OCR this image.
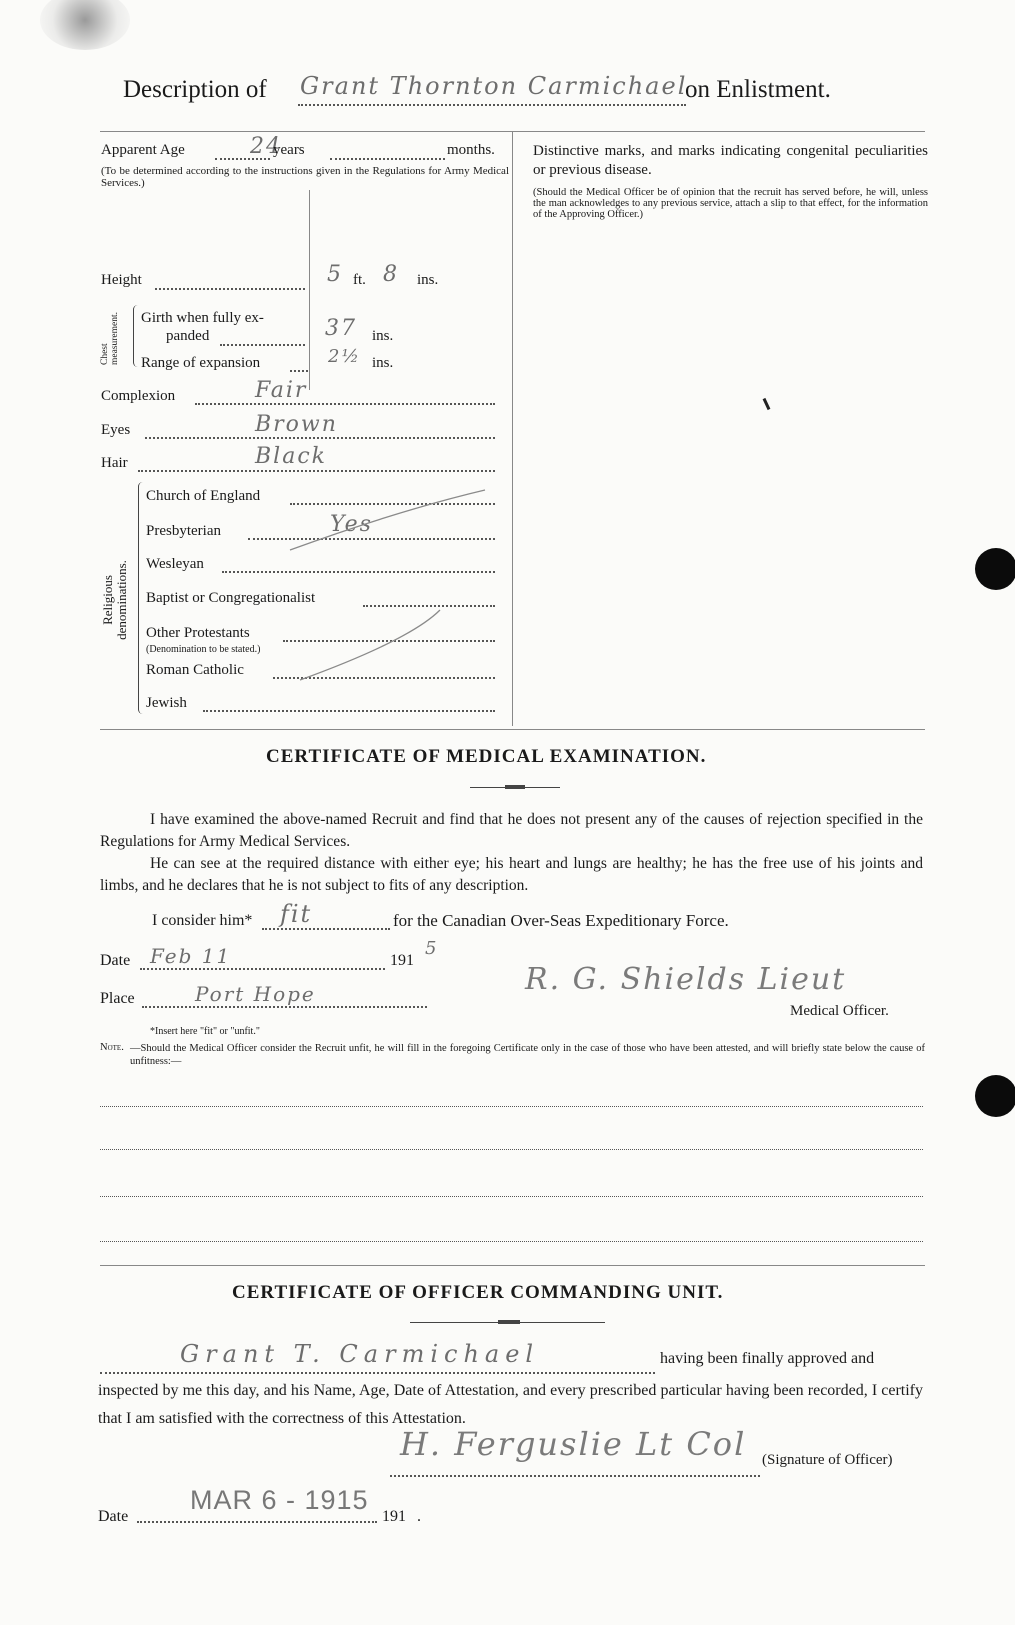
Description of Grant Thornton Carmichael
on Enlistment.
Apparent Age	24
years	months.
(To be determined according to the instructions given in the Regulations for Army Medical Services.)
Distinctive marks, and marks indicating congenital peculiarities or previous disease.
(Should the Medical Officer be of opinion that the recruit has served before, he will, unless the man acknowledges to any previous service, attach a slip to that effect, for the information of the Approving Officer.)
Height	5 ft. 8 ins.
Chest measurement. Girth when fully ex-
panded	37 ins.
Range of expansion	2½ ins.
Complexion	Fair
Eyes	Brown
Hair	Black
Religious denominations.
Church of England
Presbyterian	Yes
Wesleyan
Baptist or Congregationalist
Other Protestants
(Denomination to be stated.)
Roman Catholic
Jewish
CERTIFICATE OF MEDICAL EXAMINATION.
I have examined the above-named Recruit and find that he does not present any of the causes of rejection specified in the Regulations for Army Medical Services.
He can see at the required distance with either eye; his heart and lungs are healthy; he has the free use of his joints and limbs, and he declares that he is not subject to fits of any description.
I consider him* fit	for the Canadian Over-Seas Expeditionary Force.
Date Feb 11	191
5
Place	Port Hope	R. G. Shields Lieut
Medical Officer.
*Insert here "fit" or "unfit."
Note. —Should the Medical Officer consider the Recruit unfit, he will fill in the foregoing Certificate only in the case of those who have been attested, and will briefly state below the cause of unfitness:—
CERTIFICATE OF OFFICER COMMANDING UNIT.
Grant T. Carmichael	having been finally approved and
inspected by me this day, and his Name, Age, Date of Attestation, and every prescribed particular having been recorded, I certify that I am satisfied with the correctness of this Attestation.
H. Ferguslie Lt Col (Signature of Officer)
Date
MAR 6 - 1915
191 .
